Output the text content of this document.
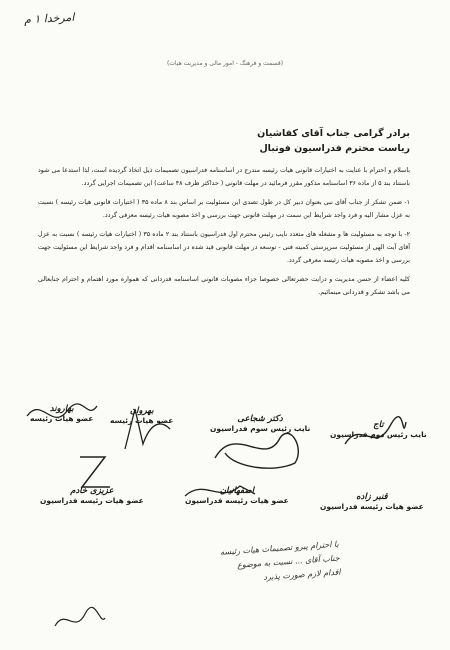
امرخدا ۱ م
(قسمت و فرهنگ - امور مالی و مدیریت هیات)
برادر گرامی جناب آقای کفاشیان
ریاست محترم فدراسیون فوتبال

باسلام و احترام با عنایت به اختیارات قانونی هیات رئیسه مندرج در اساسنامه فدراسیون تصمیمات ذیل اتخاذ گردیده است، لذا استدعا می شود باستناد بند ۵ از ماده ۳۶ اساسنامه مذکور مقرر فرمائید در مهلت قانونی ( حداکثر ظرف ۴۸ ساعت) این تصمیمات اجرایی گردد.

۱- ضمن تشکر از جناب آقای نبی بعنوان دبیر کل در طول تصدی این مسئولیت بر اساس بند ۸ ماده ۳۵ ( اختیارات قانونی هیات رئیسه ) نسبت به عزل مشار الیه و فرد واجد شرایط این سمت در مهلت قانونی جهت بررسی و اخذ مصوبه هیات رئیسه معرفی گردد.

۲- با توجه به مسئولیت ها و مشغله های متعدد نایب رئیس محترم اول فدراسیون باستناد بند ۲ ماده ۳۵ ( اختیارات هیات رئیسه ) نسبت به عزل آقای آیت الهی از مسئولیت سرپرستی کمیته فنی - توسعه در مهلت قانونی قید شده در اساسنامه اقدام و فرد واجد شرایط این مسئولیت جهت بررسی و اخذ مصوبه هیات رئیسه معرفی گردد.

کلیه اعضاء از حسن مدیریت و درایت حضرتعالی خصوصا جزاء مصوبات قانونی اساسنامه قدردانی که همواره مورد اهتمام و احترام جنابعالی می باشد تشکر و قدردانی مینمائیم.

تاج
نایب رئیس دوم فدراسیون
دکتر شجاعی
نایب رئیس سوم فدراسیون
بهروان
عضو هیات رئیسه
بهاروند
عضو هیات رئیسه
عزیزی خادم
عضو هیات رئیسه فدراسیون
اصفهانیان
عضو هیات رئیسه فدراسیون	قنبر زاده
عضو هیات رئیسه فدراسیون
با احترام پیرو تصمیمات هیات رئیسه
جناب آقای ... نسبت به موضوع
اقدام لازم صورت پذیرد
